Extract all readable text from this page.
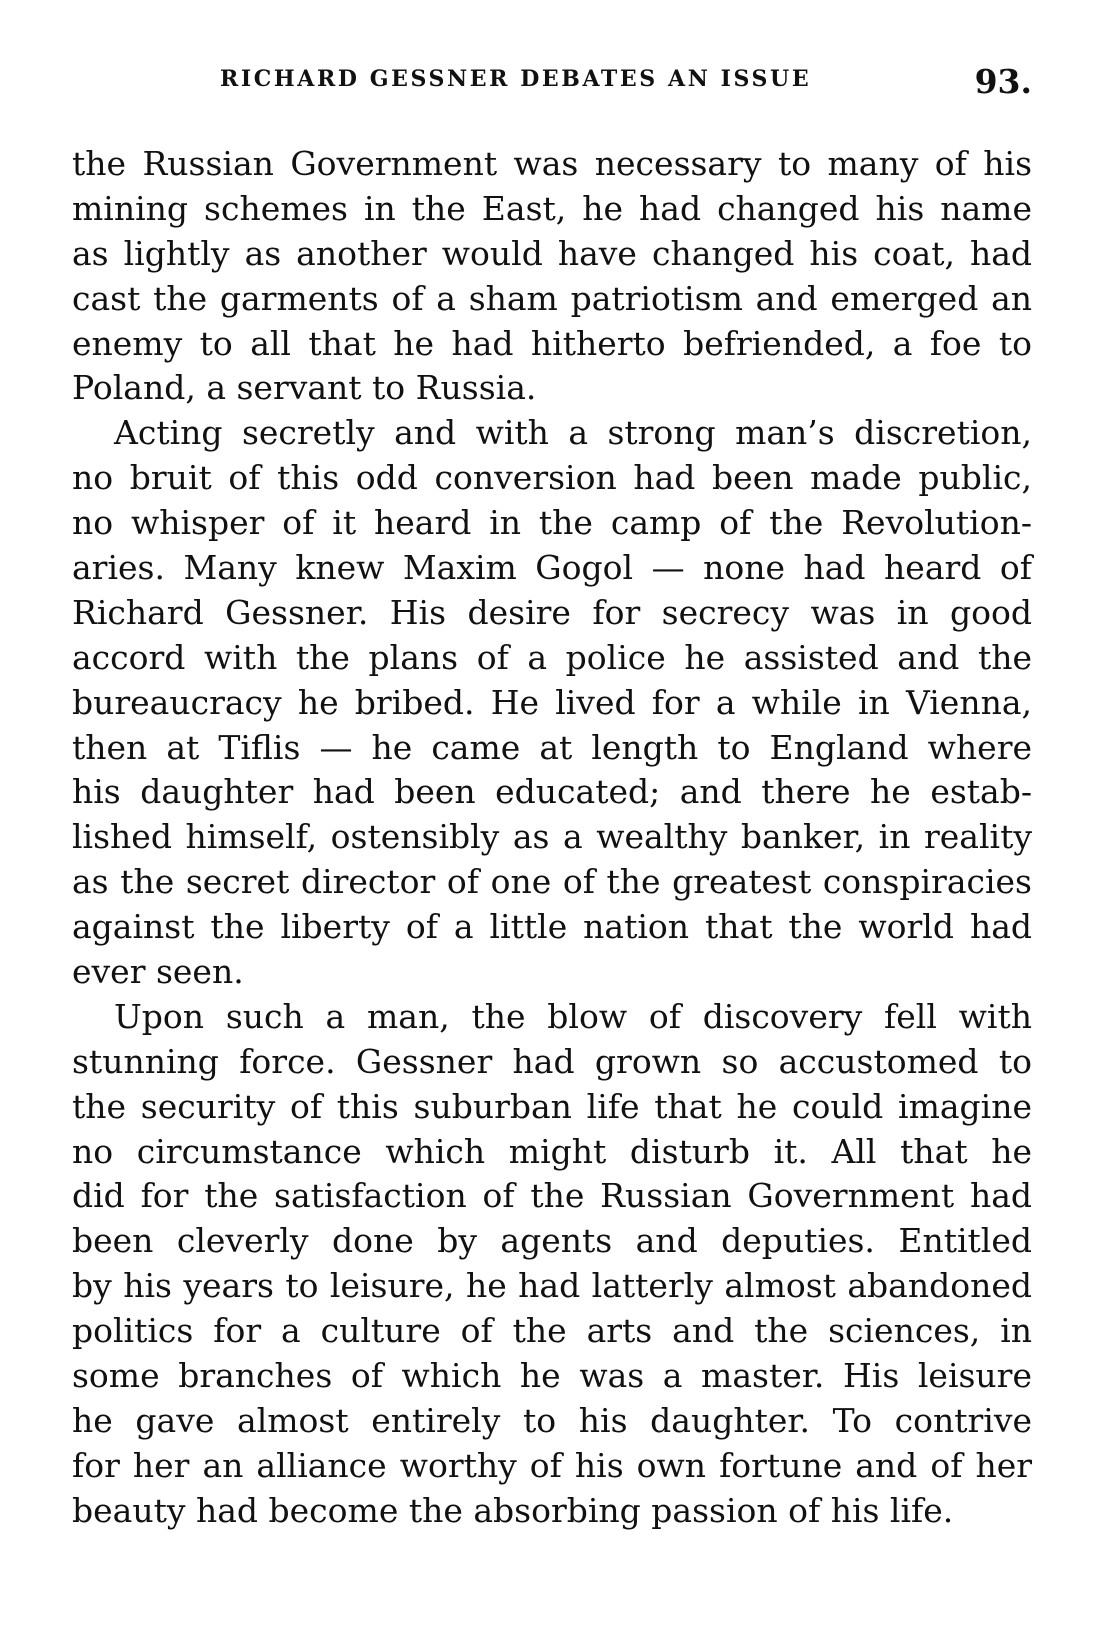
RICHARD GESSNER DEBATES AN ISSUE	93.
the Russian Government was necessary to many of his
mining schemes in the East, he had changed his name
as lightly as another would have changed his coat, had
cast the garments of a sham patriotism and emerged an
enemy to all that he had hitherto befriended, a foe to
Poland, a servant to Russia.
Acting secretly and with a strong man’s discretion,
no bruit of this odd conversion had been made public,
no whisper of it heard in the camp of the Revolution-
aries. Many knew Maxim Gogol — none had heard of
Richard Gessner. His desire for secrecy was in good
accord with the plans of a police he assisted and the
bureaucracy he bribed. He lived for a while in Vienna,
then at Tiflis — he came at length to England where
his daughter had been educated; and there he estab-
lished himself, ostensibly as a wealthy banker, in reality
as the secret director of one of the greatest conspiracies
against the liberty of a little nation that the world had
ever seen.
Upon such a man, the blow of discovery fell with
stunning force. Gessner had grown so accustomed to
the security of this suburban life that he could imagine
no circumstance which might disturb it. All that he
did for the satisfaction of the Russian Government had
been cleverly done by agents and deputies. Entitled
by his years to leisure, he had latterly almost abandoned
politics for a culture of the arts and the sciences, in
some branches of which he was a master. His leisure
he gave almost entirely to his daughter. To contrive
for her an alliance worthy of his own fortune and of her
beauty had become the absorbing passion of his life.
